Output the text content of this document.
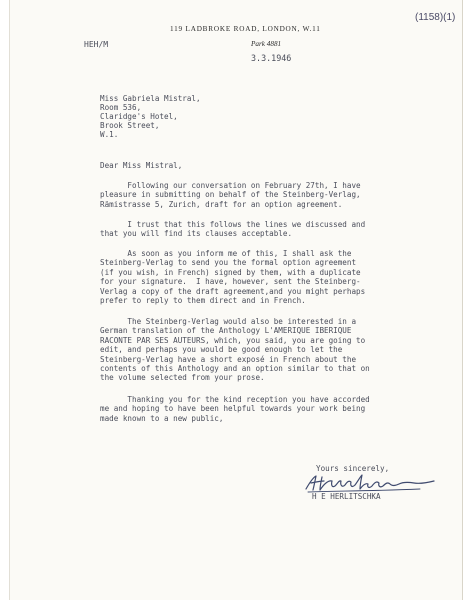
119 LADBROKE ROAD, LONDON, W.11
Park 4881
HEH/M
3.3.1946
(1158)(1)
Miss Gabriela Mistral,
Room 536,
Claridge's Hotel,
Brook Street,
W.1.
Dear Miss Mistral,
Following our conversation on February 27th, I have
pleasure in submitting on behalf of the Steinberg-Verlag,
Rämistrasse 5, Zurich, draft for an option agreement.
I trust that this follows the lines we discussed and
that you will find its clauses acceptable.
As soon as you inform me of this, I shall ask the
Steinberg-Verlag to send you the formal option agreement
(if you wish, in French) signed by them, with a duplicate
for your signature.  I have, however, sent the Steinberg-
Verlag a copy of the draft agreement,and you might perhaps
prefer to reply to them direct and in French.
The Steinberg-Verlag would also be interested in a
German translation of the Anthology L'AMERIQUE IBERIQUE
RACONTE PAR SES AUTEURS, which, you said, you are going to
edit, and perhaps you would be good enough to let the
Steinberg-Verlag have a short exposé in French about the
contents of this Anthology and an option similar to that on
the volume selected from your prose.
Thanking you for the kind reception you have accorded
me and hoping to have been helpful towards your work being
made known to a new public,
Yours sincerely,
H E HERLITSCHKA
